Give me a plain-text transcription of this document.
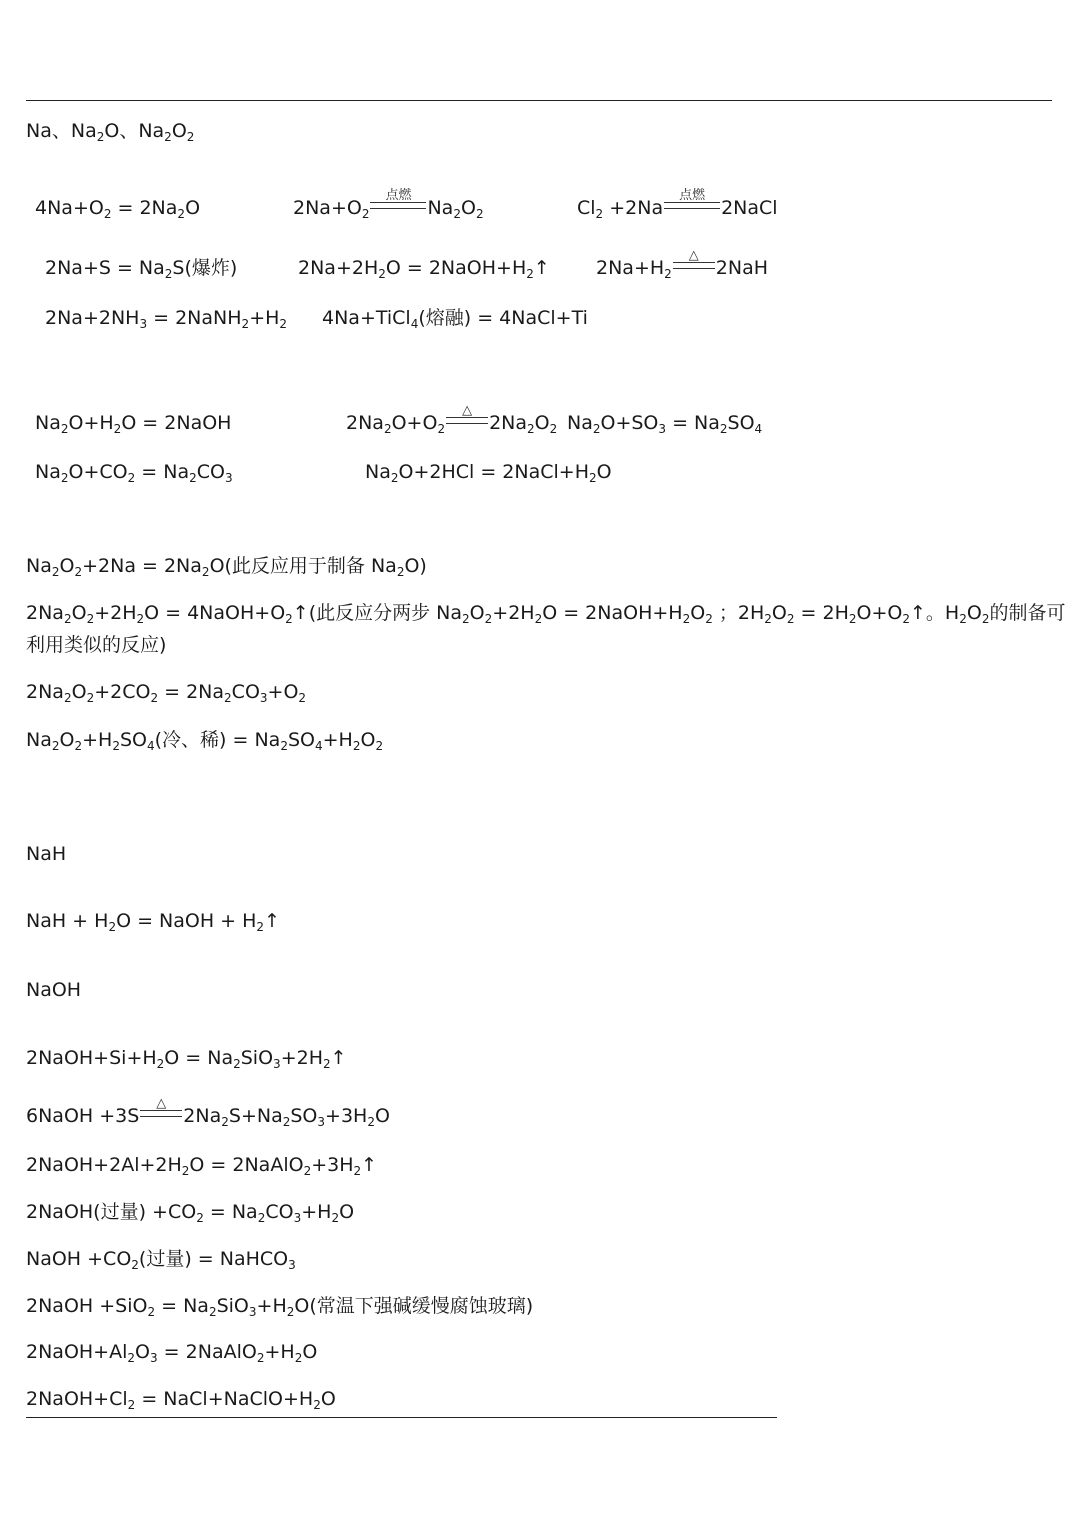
Na、$Na_2O$、$Na_2O_2$
$4Na+O_2 = 2Na_2O$	$2Na+O_2$
点燃
$Na_2O_2$	$Cl_2 +2Na$
点燃
2NaCl
$2Na+S = Na_2S$(爆炸)	$2Na+2H_2O$ = $2NaOH+H_2↑$ $2Na+H_2$
△
2NaH
$2Na+2NH_3$ = $2NaNH_2+H_2$ 4Na+TiCl$_4$(熔融) = 4NaCl+Ti
$Na_2O+H_2O$ = 2NaOH	$2Na_2O+O_2$
△
$2Na_2O_2$ $Na_2O+SO_3 = Na_2SO_4$
$Na_2O+CO_2 = Na_2CO_3$	$Na_2O+2HCl$ = $2NaCl+H_2O$
$Na_2O_2+2Na = 2Na_2O$(此反应用于制备 $Na_2O$)
$2Na_2O_2+2H_2O$ = $4NaOH+O_2↑$(此反应分两步 $Na_2O_2+2H_2O$ = $2NaOH+H_2O_2$ ；$2H_2O_2$ = $2H_2O+O_2↑$。$H_2O_2$的制备可利用类似的反应)
$2Na_2O_2+2CO_2 = 2Na_2CO_3+O_2$
$Na_2O_2+H_2SO_4$(冷、稀) = $Na_2SO_4+H_2O_2$
NaH
NaH + $H_2O$ = NaOH + $H_2↑$
NaOH
$2NaOH+Si+H_2O$ = $Na_2SiO_3+2H_2↑$
6NaOH +3S
△
$2Na_2S+Na_2SO_3+3H_2O$
$2NaOH+2Al+2H_2O$ = $2NaAlO_2+3H_2↑$
2NaOH(过量) $+CO_2 = Na_2CO_3+H_2O$
NaOH $+CO_2$(过量) = NaHCO$_3$
2NaOH $+SiO_2 = Na_2SiO_3+H_2O$(常温下强碱缓慢腐蚀玻璃)
$2NaOH+Al_2O_3$ = $2NaAlO_2+H_2O$
$2NaOH+Cl_2$ = $NaCl+NaClO+H_2O$
